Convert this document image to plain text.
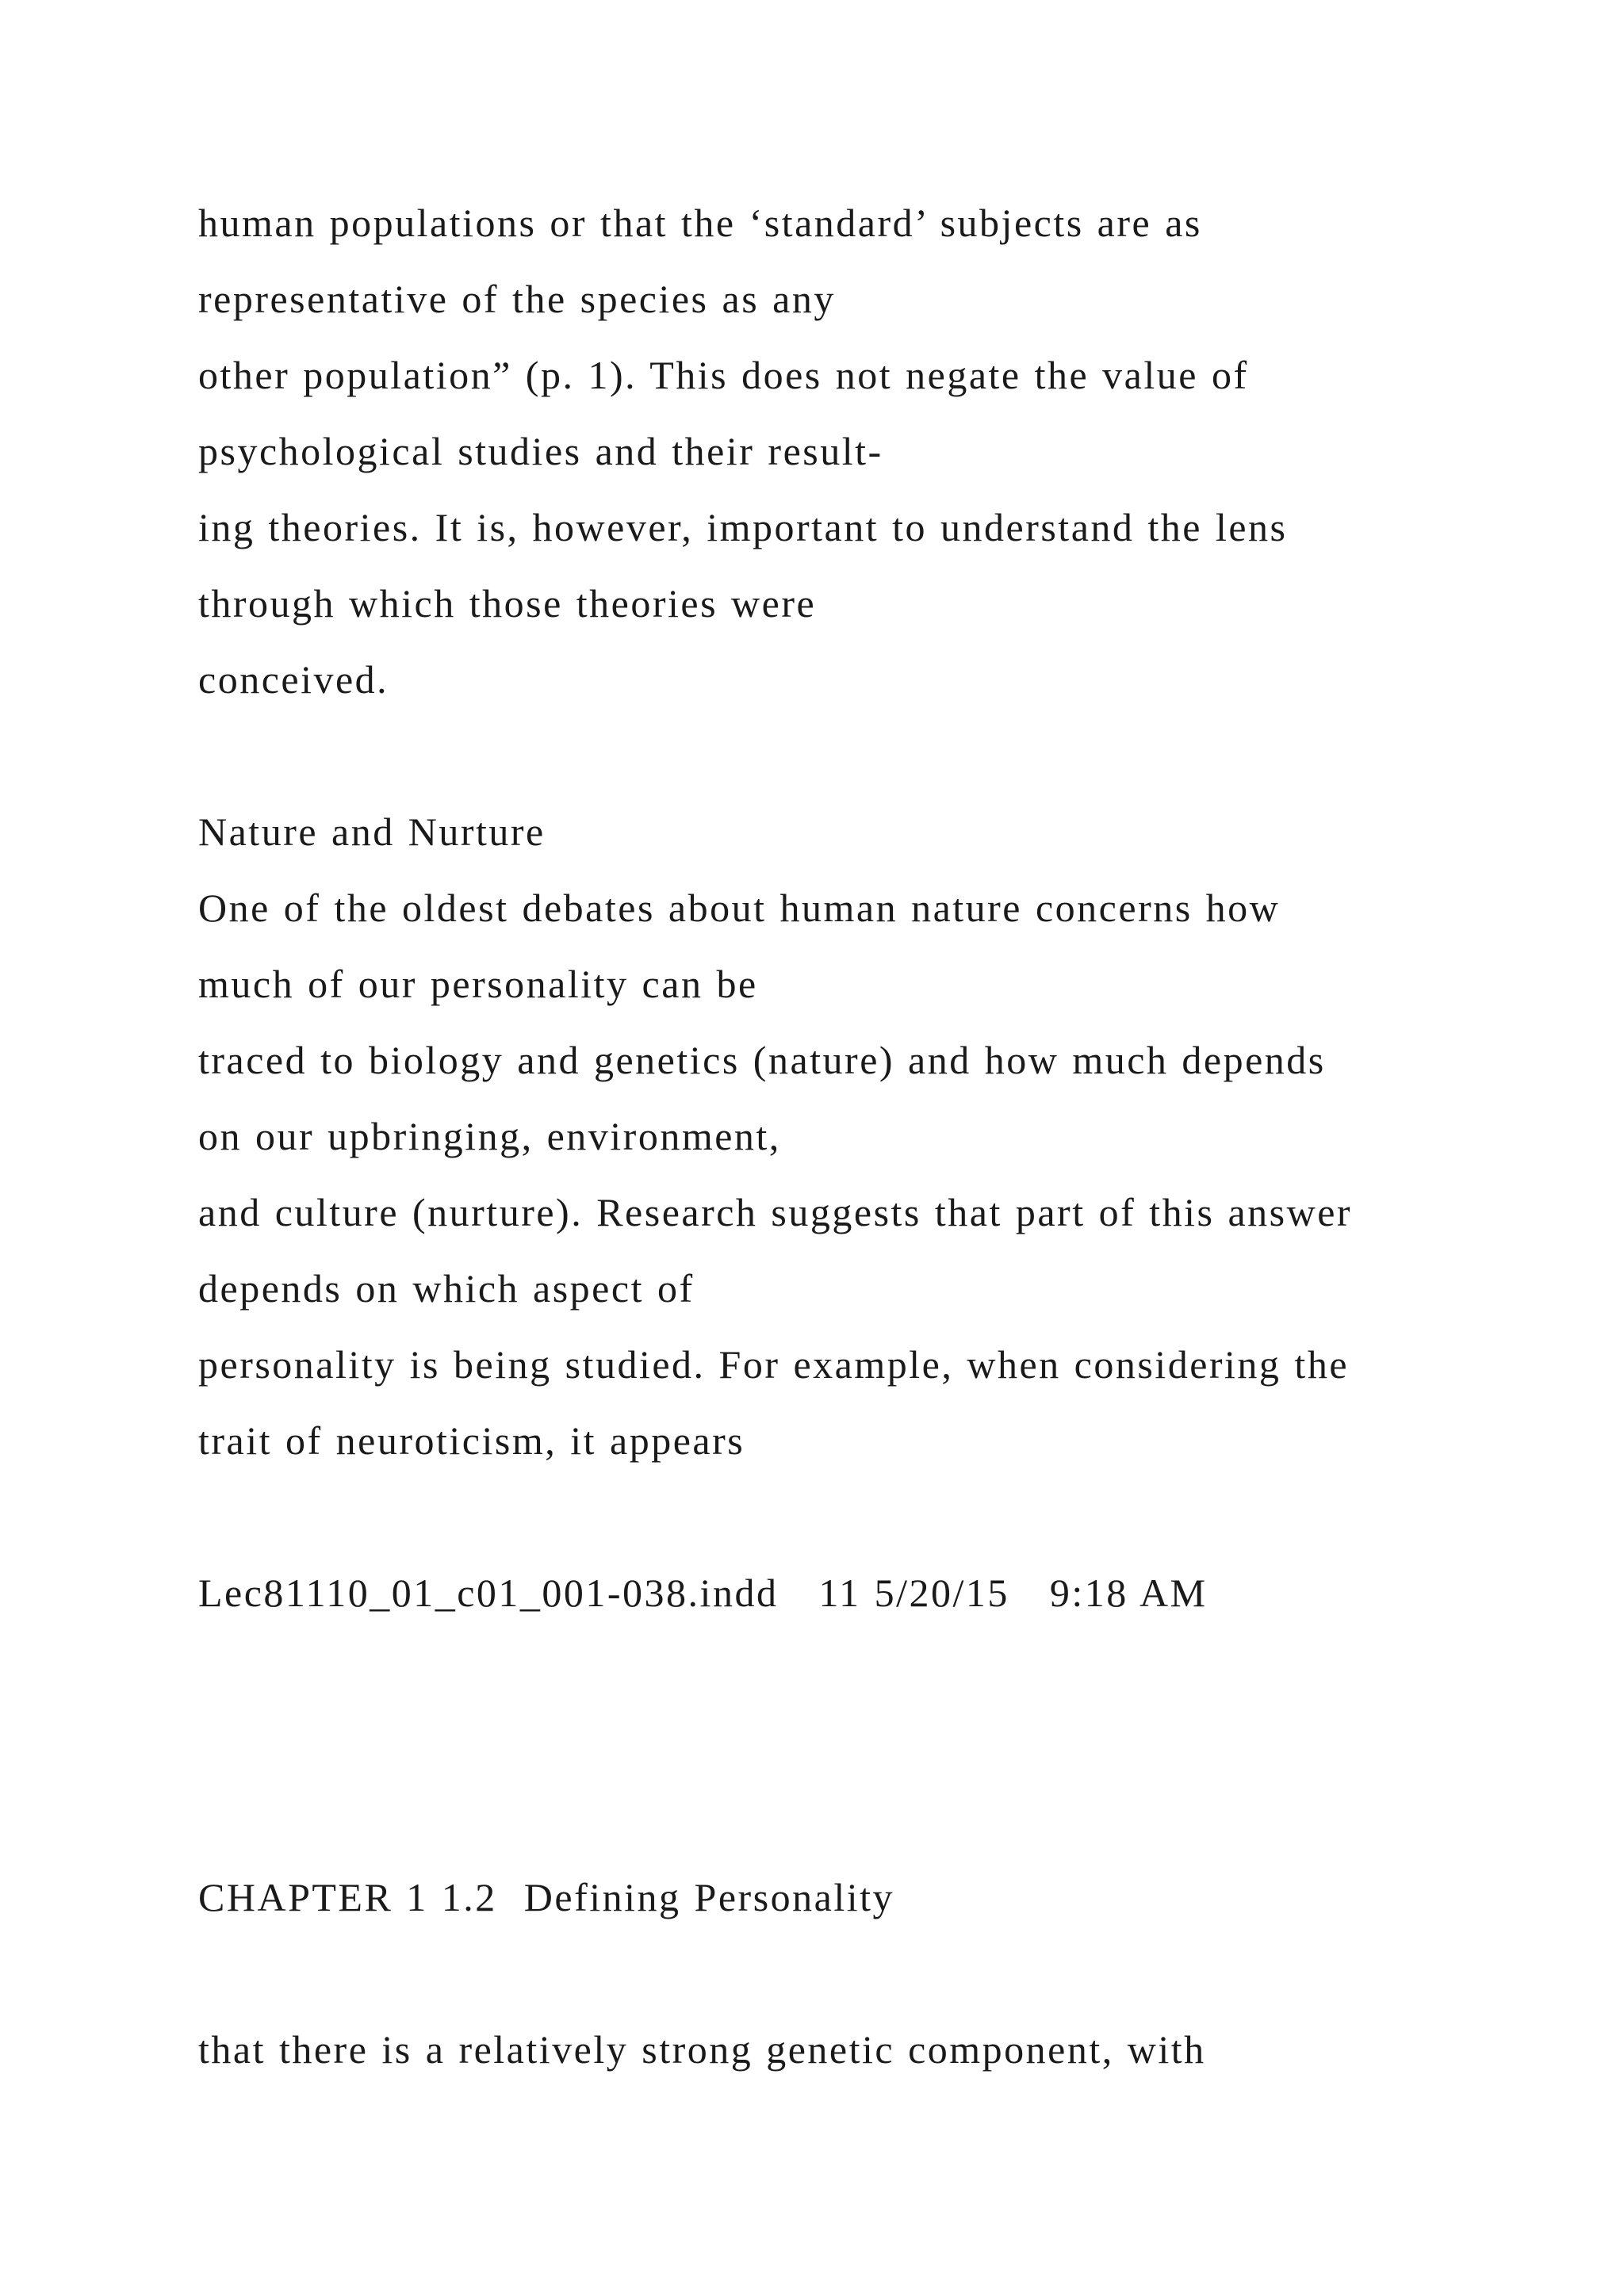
human populations or that the ‘standard’ subjects are as
representative of the species as any
other population” (p. 1). This does not negate the value of
psychological studies and their result-
ing theories. It is, however, important to understand the lens
through which those theories were
conceived.
Nature and Nurture
One of the oldest debates about human nature concerns how
much of our personality can be
traced to biology and genetics (nature) and how much depends
on our upbringing, environment,
and culture (nurture). Research suggests that part of this answer
depends on which aspect of
personality is being studied. For example, when considering the
trait of neuroticism, it appears
Lec81110_01_c01_001-038.indd   11 5/20/15   9:18 AM
CHAPTER 1 1.2  Defining Personality
that there is a relatively strong genetic component, with
